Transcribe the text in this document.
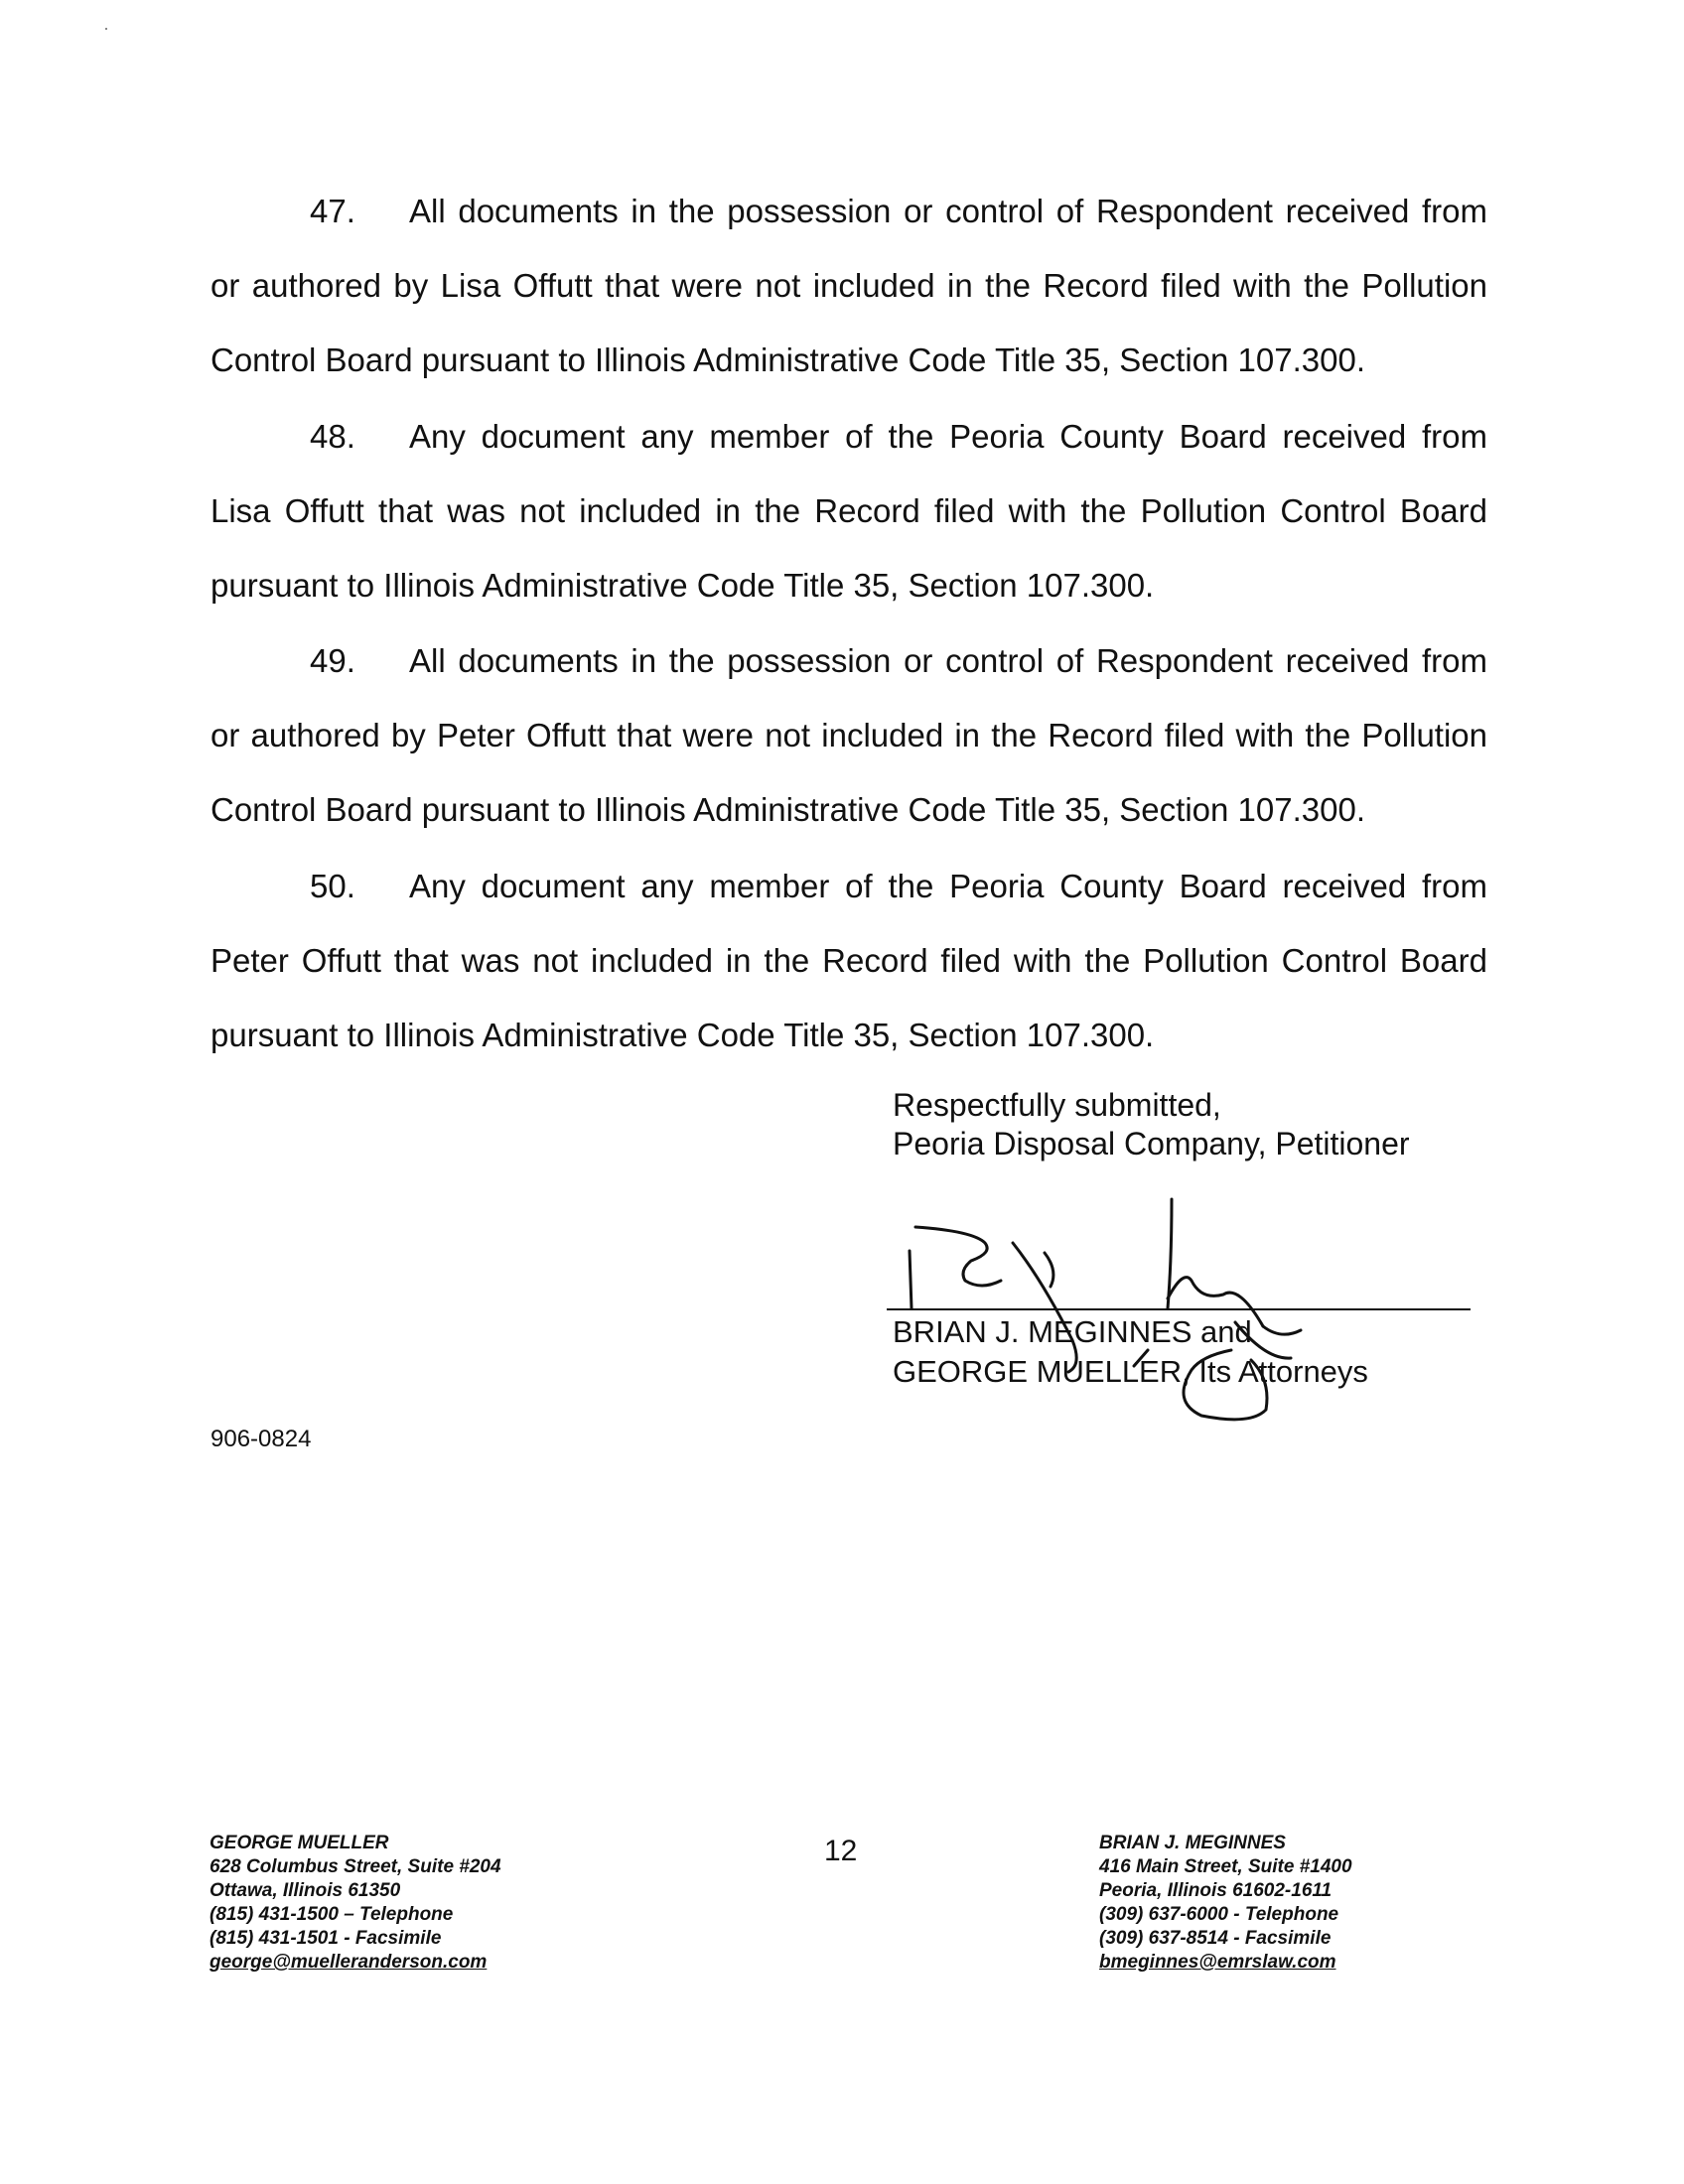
47. All documents in the possession or control of Respondent received from or authored by Lisa Offutt that were not included in the Record filed with the Pollution Control Board pursuant to Illinois Administrative Code Title 35, Section 107.300.
48. Any document any member of the Peoria County Board received from Lisa Offutt that was not included in the Record filed with the Pollution Control Board pursuant to Illinois Administrative Code Title 35, Section 107.300.
49. All documents in the possession or control of Respondent received from or authored by Peter Offutt that were not included in the Record filed with the Pollution Control Board pursuant to Illinois Administrative Code Title 35, Section 107.300.
50. Any document any member of the Peoria County Board received from Peter Offutt that was not included in the Record filed with the Pollution Control Board pursuant to Illinois Administrative Code Title 35, Section 107.300.
Respectfully submitted,
Peoria Disposal Company, Petitioner
BRIAN J. MEGINNES and
GEORGE MUELLER, Its Attorneys
906-0824
12
GEORGE MUELLER
628 Columbus Street, Suite #204
Ottawa, Illinois 61350
(815) 431-1500 – Telephone
(815) 431-1501 - Facsimile
george@muelleranderson.com
BRIAN J. MEGINNES
416 Main Street, Suite #1400
Peoria, Illinois 61602-1611
(309) 637-6000 - Telephone
(309) 637-8514 - Facsimile
bmeginnes@emrslaw.com
